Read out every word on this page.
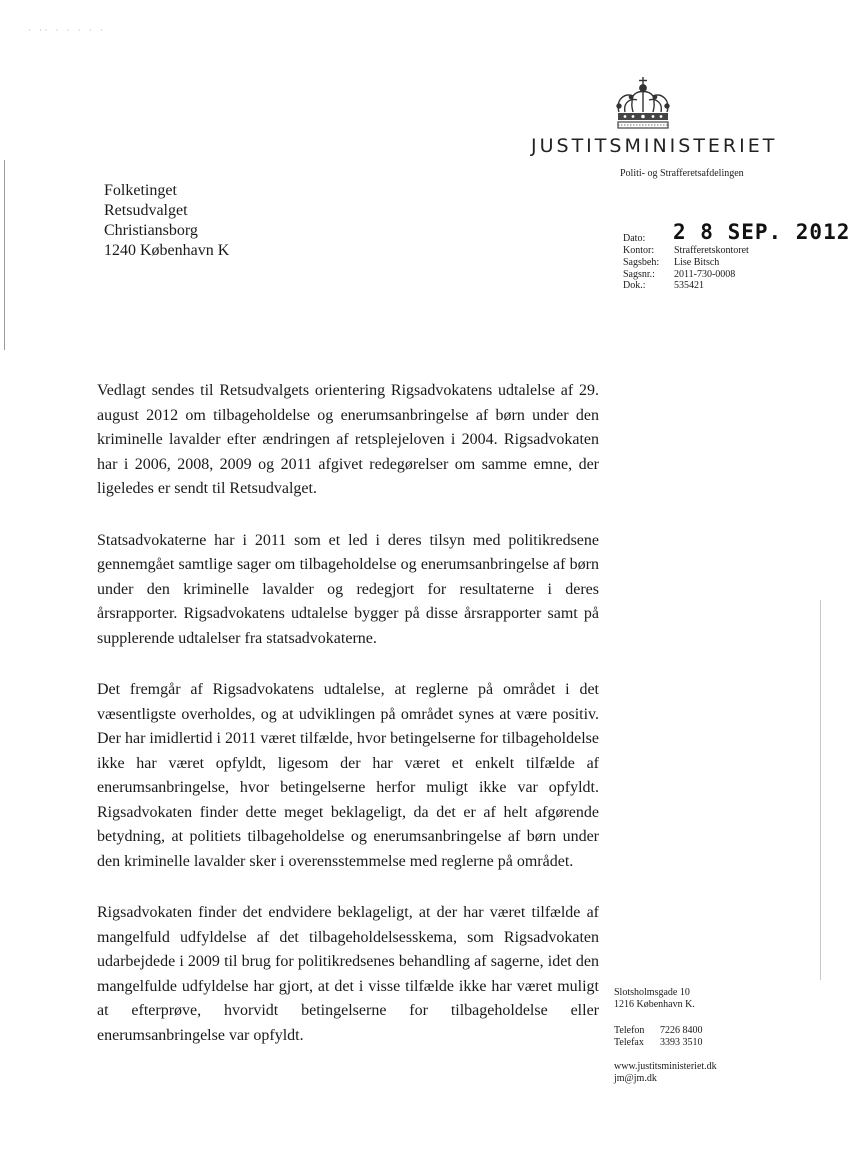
· ·· · · · · ·
JUSTITSMINISTERIET
Politi- og Strafferetsafdelingen
Folketinget
Retsudvalget
Christiansborg
1240 København K
Dato:	2 8 SEP. 2012
Kontor:	Strafferetskontoret
Sagsbeh:	Lise Bitsch
Sagsnr.:	2011-730-0008
Dok.:	535421

Vedlagt sendes til Retsudvalgets orientering Rigsadvokatens udtalelse af 29. august 2012 om tilbageholdelse og enerumsanbringelse af børn under den kriminelle lavalder efter ændringen af retsplejeloven i 2004. Rigsadvokaten har i 2006, 2008, 2009 og 2011 afgivet redegørelser om samme emne, der ligeledes er sendt til Retsudvalget.

Statsadvokaterne har i 2011 som et led i deres tilsyn med politikredsene gennemgået samtlige sager om tilbageholdelse og enerumsanbringelse af børn under den kriminelle lavalder og redegjort for resultaterne i deres årsrapporter. Rigsadvokatens udtalelse bygger på disse årsrapporter samt på supplerende udtalelser fra statsadvokaterne.

Det fremgår af Rigsadvokatens udtalelse, at reglerne på området i det væsentligste overholdes, og at udviklingen på området synes at være positiv. Der har imidlertid i 2011 været tilfælde, hvor betingelserne for tilbageholdelse ikke har været opfyldt, ligesom der har været et enkelt tilfælde af enerumsanbringelse, hvor betingelserne herfor muligt ikke var opfyldt. Rigsadvokaten finder dette meget beklageligt, da det er af helt afgørende betydning, at politiets tilbageholdelse og enerumsanbringelse af børn under den kriminelle lavalder sker i overensstemmelse med reglerne på området.

Rigsadvokaten finder det endvidere beklageligt, at der har været tilfælde af mangelfuld udfyldelse af det tilbageholdelsesskema, som Rigsadvokaten udarbejdede i 2009 til brug for politikredsenes behandling af sagerne, idet den mangelfulde udfyldelse har gjort, at det i visse tilfælde ikke har været muligt at efterprøve, hvorvidt betingelserne for tilbageholdelse eller enerumsanbringelse var opfyldt.

Slotsholmsgade 10
1216 København K.
Telefon	7226 8400
Telefax	3393 3510
www.justitsministeriet.dk
jm@jm.dk
